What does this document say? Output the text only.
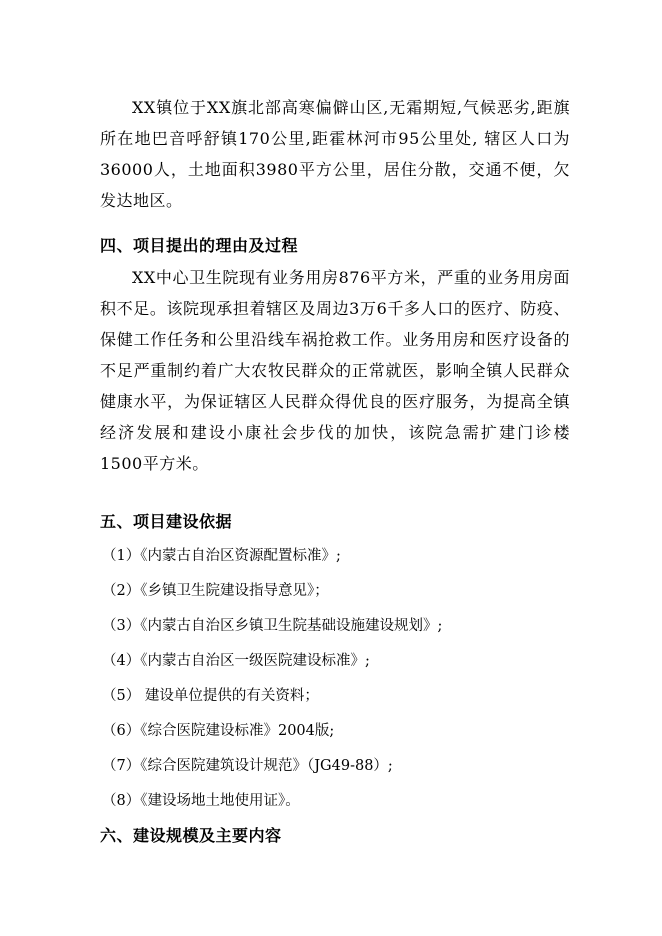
XX镇位于XX旗北部高寒偏僻山区,无霜期短,气候恶劣,距旗所在地巴音呼舒镇170公里,距霍林河市95公里处, 辖区人口为36000人，土地面积3980平方公里，居住分散，交通不便，欠发达地区。

四、项目提出的理由及过程

XX中心卫生院现有业务用房876平方米，严重的业务用房面积不足。该院现承担着辖区及周边3万6千多人口的医疗、防疫、保健工作任务和公里沿线车祸抢救工作。业务用房和医疗设备的不足严重制约着广大农牧民群众的正常就医，影响全镇人民群众健康水平，为保证辖区人民群众得优良的医疗服务，为提高全镇经济发展和建设小康社会步伐的加快，该院急需扩建门诊楼1500平方米。

五、项目建设依据

（1）《内蒙古自治区资源配置标准》;

（2）《乡镇卫生院建设指导意见》；

（3）《内蒙古自治区乡镇卫生院基础设施建设规划》;

（4）《内蒙古自治区一级医院建设标准》;

（5） 建设单位提供的有关资料；

（6）《综合医院建设标准》2004版;

（7）《综合医院建筑设计规范》（JG49-88）;

（8）《建设场地土地使用证》。

六、建设规模及主要内容
